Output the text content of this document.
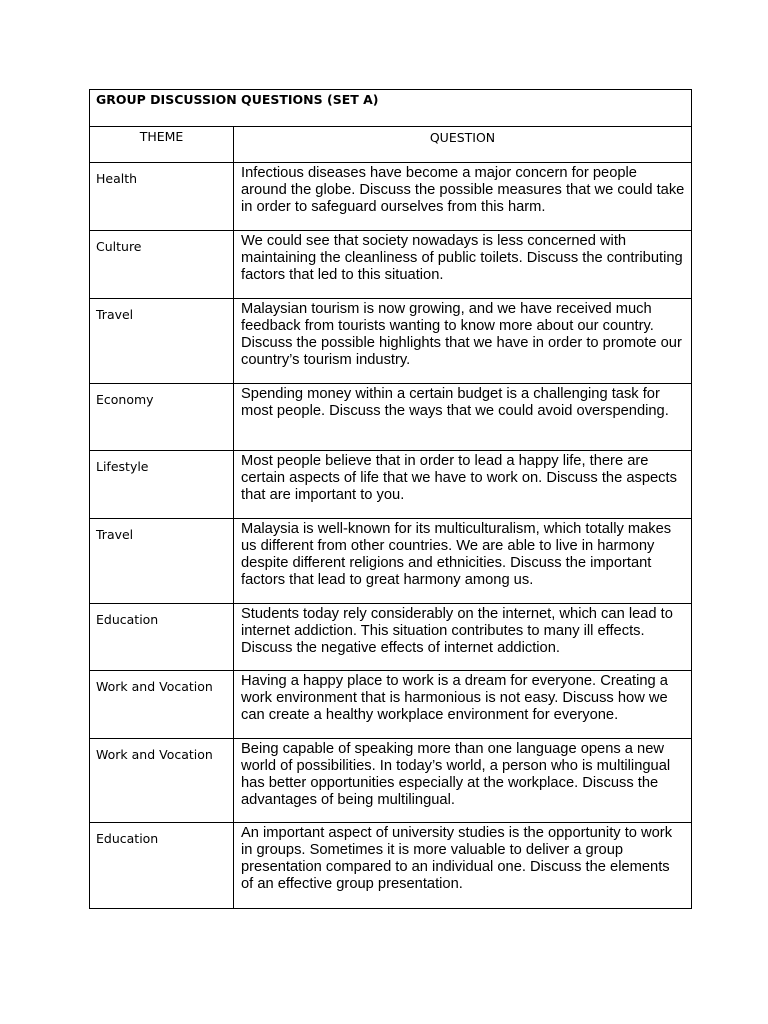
GROUP DISCUSSION QUESTIONS (SET A)
THEME	QUESTION
Health	Infectious diseases have become a major concern for people around the globe. Discuss the possible measures that we could take in order to safeguard ourselves from this harm.
Culture	We could see that society nowadays is less concerned with maintaining the cleanliness of public toilets. Discuss the contributing factors that led to this situation.
Travel	Malaysian tourism is now growing, and we have received much feedback from tourists wanting to know more about our country. Discuss the possible highlights that we have in order to promote our country’s tourism industry.
Economy	Spending money within a certain budget is a challenging task for most people. Discuss the ways that we could avoid overspending.
Lifestyle	Most people believe that in order to lead a happy life, there are certain aspects of life that we have to work on. Discuss the aspects that are important to you.
Travel	Malaysia is well-known for its multiculturalism, which totally makes us different from other countries. We are able to live in harmony despite different religions and ethnicities. Discuss the important factors that lead to great harmony among us.
Education	Students today rely considerably on the internet, which can lead to internet addiction. This situation contributes to many ill effects. Discuss the negative effects of internet addiction.
Work and Vocation	Having a happy place to work is a dream for everyone. Creating a work environment that is harmonious is not easy. Discuss how we can create a healthy workplace environment for everyone.
Work and Vocation	Being capable of speaking more than one language opens a new world of possibilities. In today’s world, a person who is multilingual has better opportunities especially at the workplace. Discuss the advantages of being multilingual.
Education	An important aspect of university studies is the opportunity to work in groups. Sometimes it is more valuable to deliver a group presentation compared to an individual one. Discuss the elements of an effective group presentation.
